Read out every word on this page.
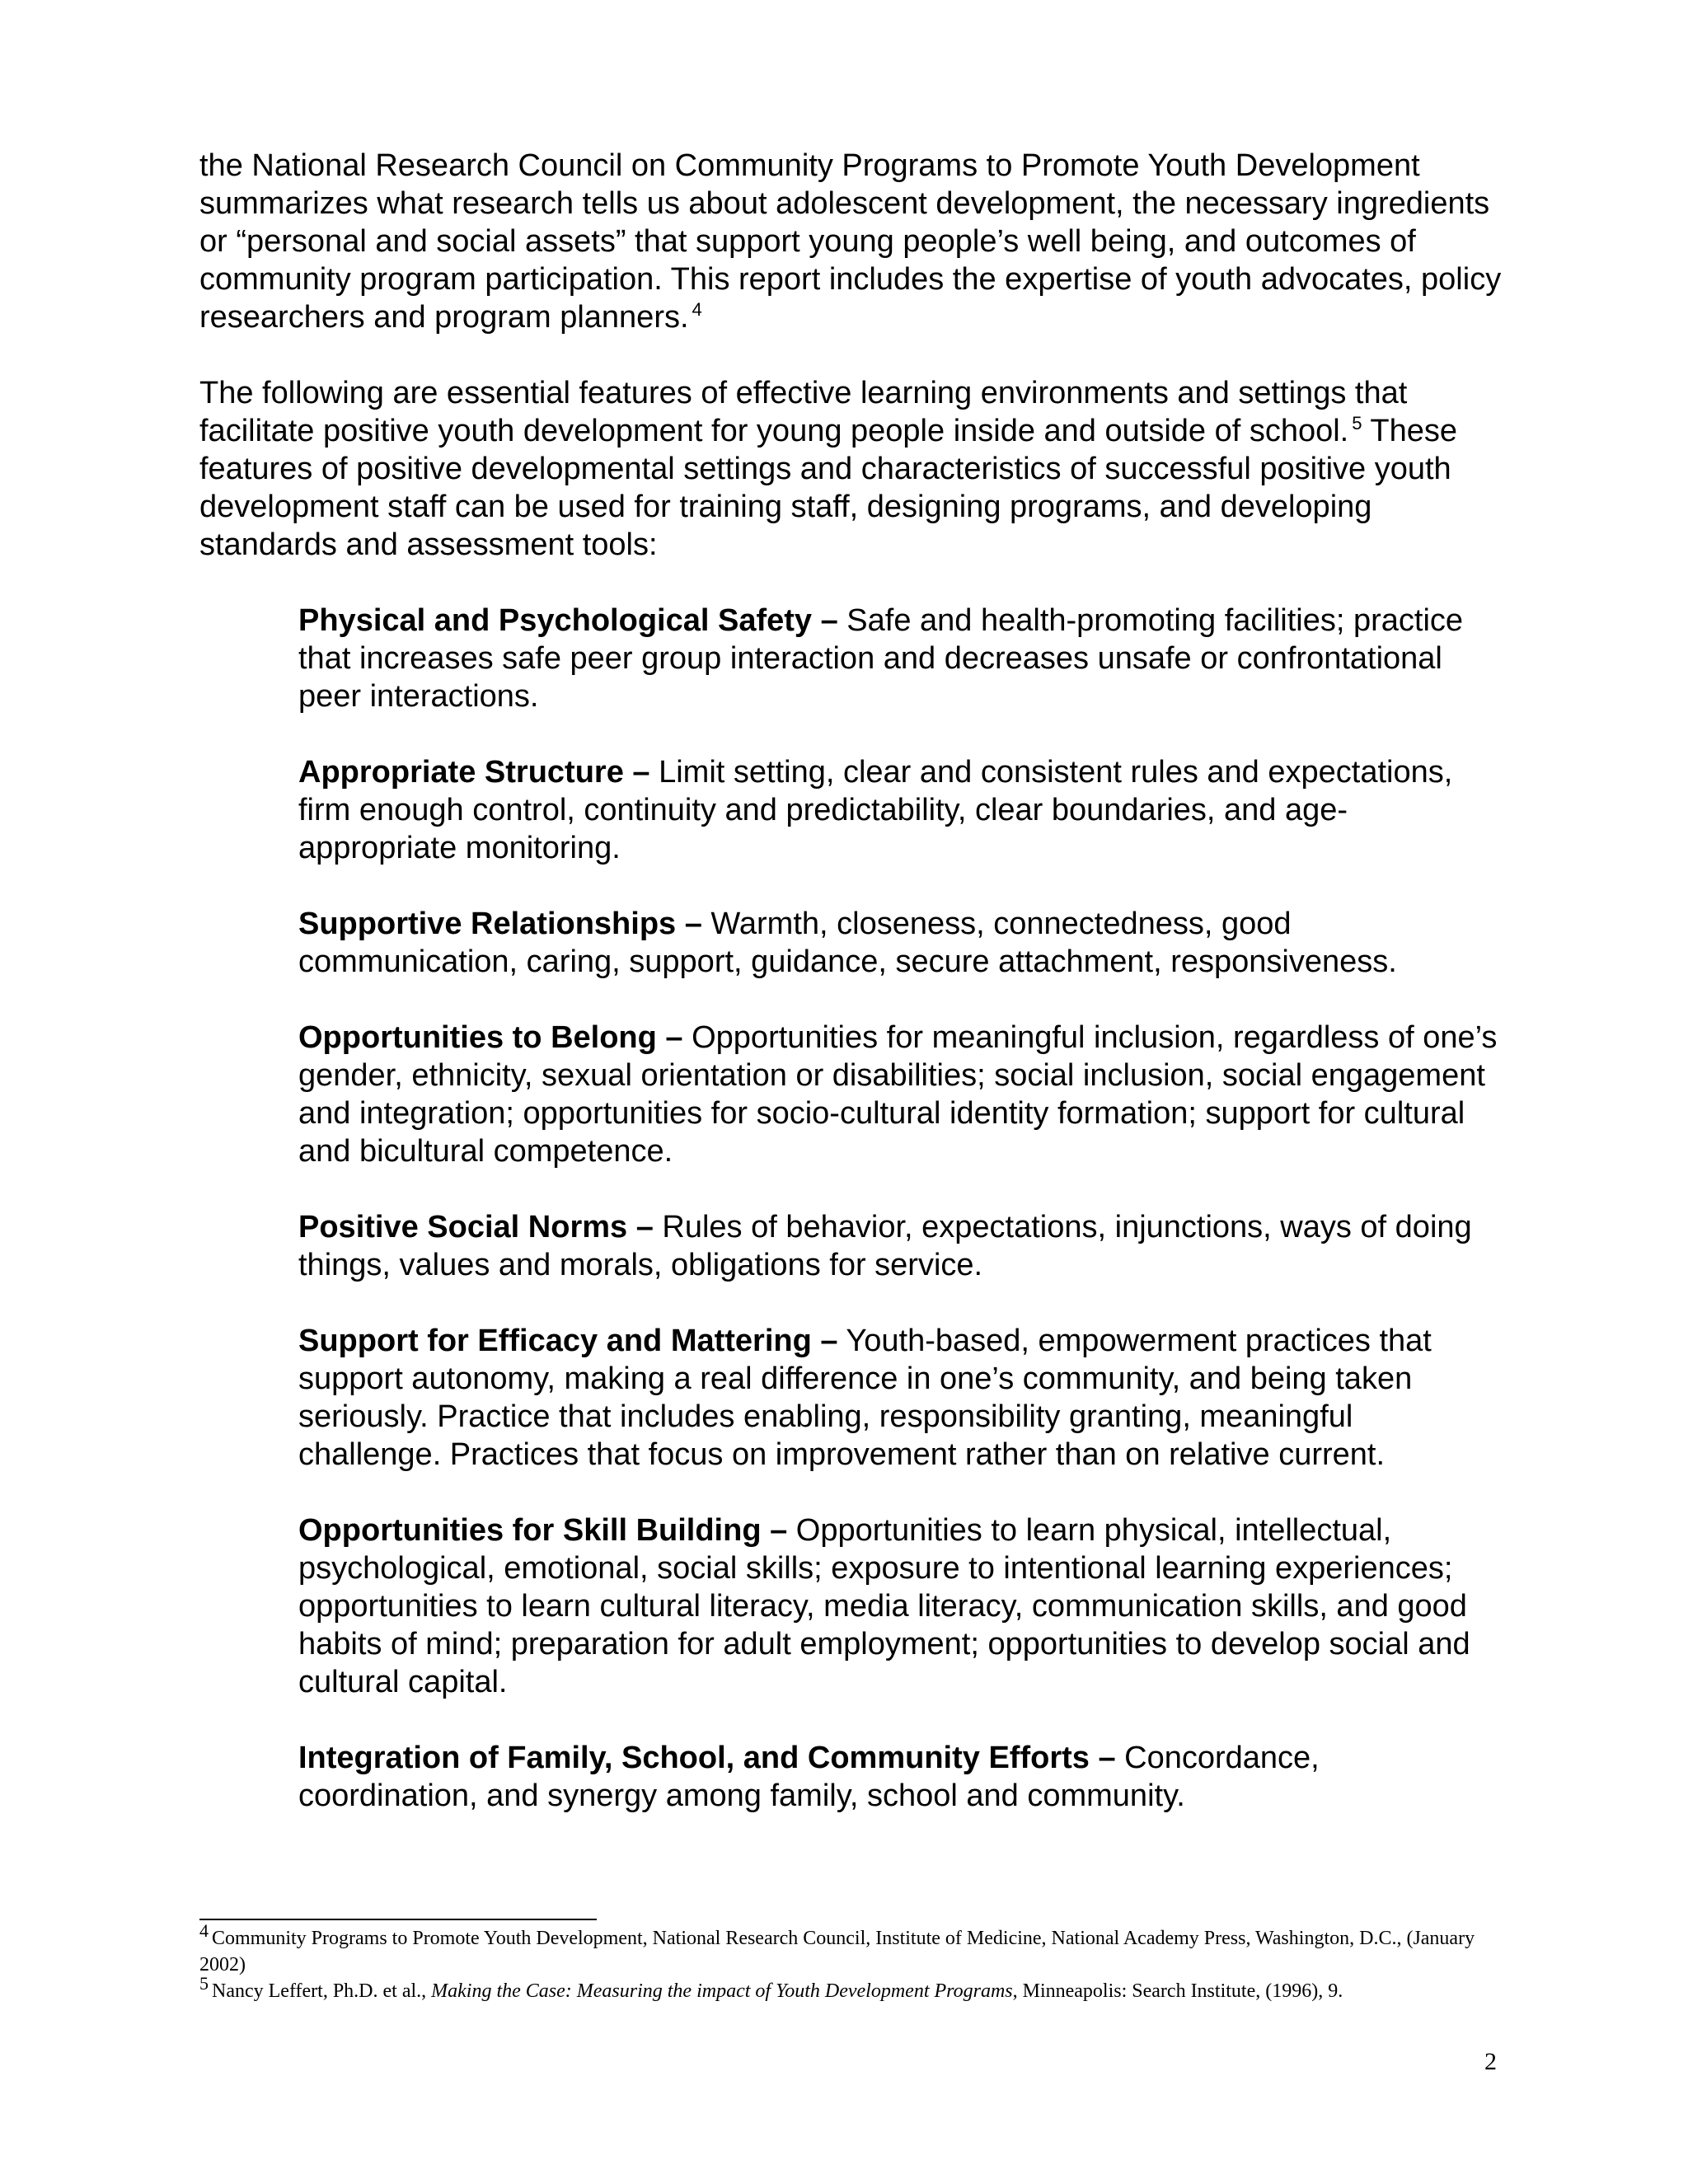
the National Research Council on Community Programs to Promote Youth Development summarizes what research tells us about adolescent development, the necessary ingredients or “personal and social assets” that support young people’s well being, and outcomes of community program participation. This report includes the expertise of youth advocates, policy researchers and program planners. $^4$

The following are essential features of effective learning environments and settings that facilitate positive youth development for young people inside and outside of school. $^5$ These features of positive developmental settings and characteristics of successful positive youth development staff can be used for training staff, designing programs, and developing standards and assessment tools:

Physical and Psychological Safety – Safe and health-promoting facilities; practice that increases safe peer group interaction and decreases unsafe or confrontational peer interactions.

Appropriate Structure – Limit setting, clear and consistent rules and expectations, firm enough control, continuity and predictability, clear boundaries, and age-appropriate monitoring.

Supportive Relationships – Warmth, closeness, connectedness, good communication, caring, support, guidance, secure attachment, responsiveness.

Opportunities to Belong – Opportunities for meaningful inclusion, regardless of one’s gender, ethnicity, sexual orientation or disabilities; social inclusion, social engagement and integration; opportunities for socio-cultural identity formation; support for cultural and bicultural competence.

Positive Social Norms – Rules of behavior, expectations, injunctions, ways of doing things, values and morals, obligations for service.

Support for Efficacy and Mattering – Youth-based, empowerment practices that support autonomy, making a real difference in one’s community, and being taken seriously. Practice that includes enabling, responsibility granting, meaningful challenge. Practices that focus on improvement rather than on relative current.

Opportunities for Skill Building – Opportunities to learn physical, intellectual, psychological, emotional, social skills; exposure to intentional learning experiences; opportunities to learn cultural literacy, media literacy, communication skills, and good habits of mind; preparation for adult employment; opportunities to develop social and cultural capital.

Integration of Family, School, and Community Efforts – Concordance, coordination, and synergy among family, school and community.

$^4$ Community Programs to Promote Youth Development, National Research Council, Institute of Medicine, National Academy Press, Washington, D.C., (January 2002)

$^5$ Nancy Leffert, Ph.D. et al., Making the Case: Measuring the impact of Youth Development Programs, Minneapolis: Search Institute, (1996), 9.

2
